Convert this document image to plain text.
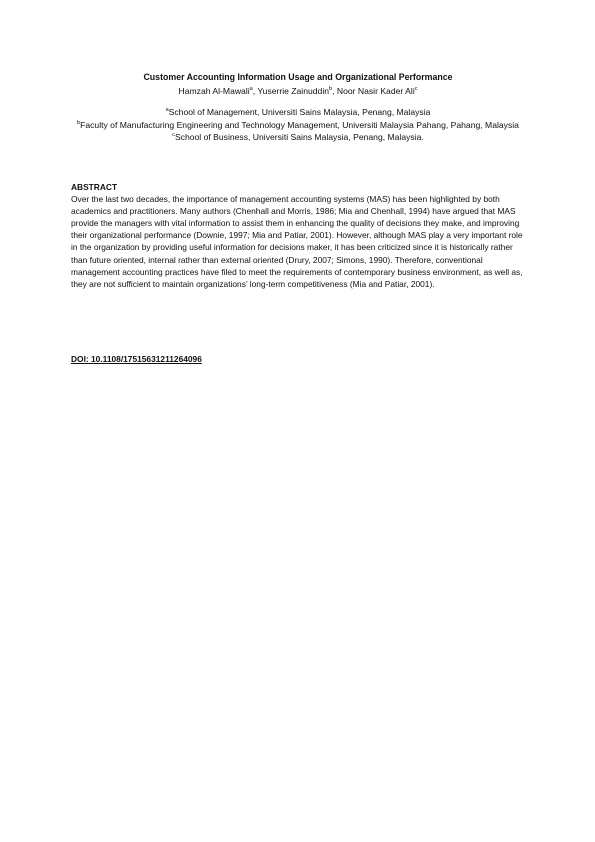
Customer Accounting Information Usage and Organizational Performance

Hamzah Al-Mawali$^a$, Yuserrie Zainuddin$^b$, Noor Nasir Kader Ali$^c$

$^a$School of Management, Universiti Sains Malaysia, Penang, Malaysia

$^b$Faculty of Manufacturing Engineering and Technology Management, Universiti Malaysia Pahang, Pahang, Malaysia

$^c$School of Business, Universiti Sains Malaysia, Penang, Malaysia.

ABSTRACT

Over the last two decades, the importance of management accounting systems (MAS) has been highlighted by both academics and practitioners. Many authors (Chenhall and Morris, 1986; Mia and Chenhall, 1994) have argued that MAS provide the managers with vital information to assist them in enhancing the quality of decisions they make, and improving their organizational performance (Downie, 1997; Mia and Patiar, 2001). However, although MAS play a very important role in the organization by providing useful information for decisions maker, it has been criticized since it is historically rather than future oriented, internal rather than external oriented (Drury, 2007; Simons, 1990). Therefore, conventional management accounting practices have filed to meet the requirements of contemporary business environment, as well as, they are not sufficient to maintain organizations’ long-term competitiveness (Mia and Patiar, 2001).

DOI: 10.1108/17515631211264096
